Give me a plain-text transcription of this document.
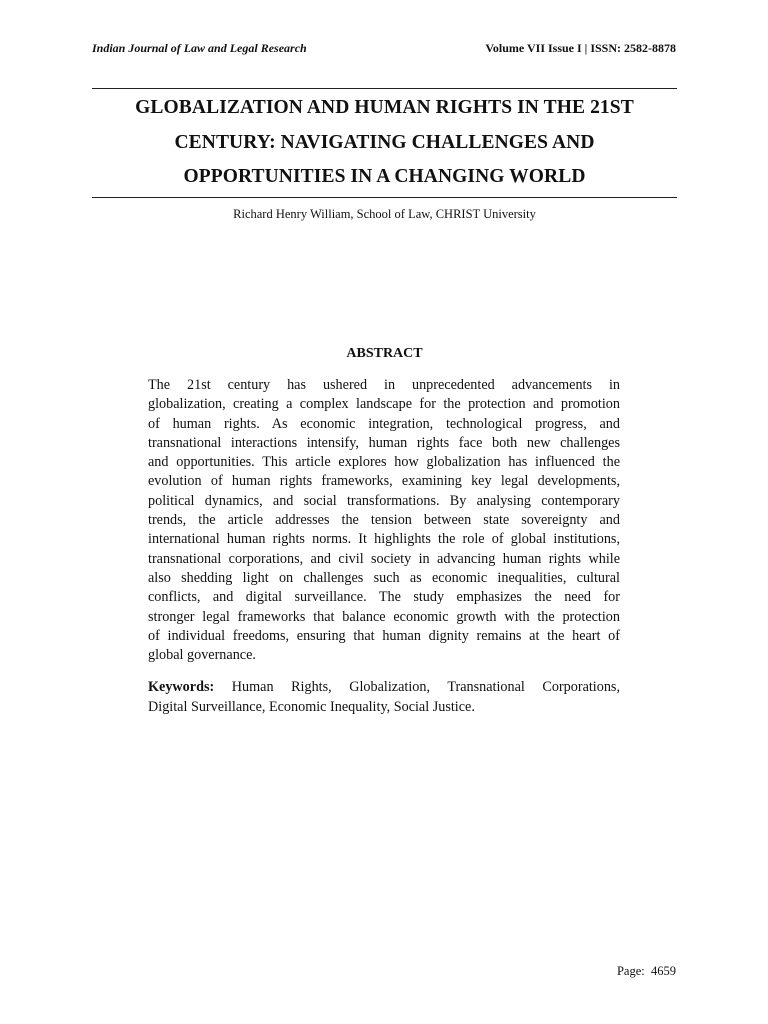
Indian Journal of Law and Legal Research	Volume VII Issue I | ISSN: 2582-8878
GLOBALIZATION AND HUMAN RIGHTS IN THE 21ST
CENTURY: NAVIGATING CHALLENGES AND
OPPORTUNITIES IN A CHANGING WORLD
Richard Henry William, School of Law, CHRIST University
ABSTRACT

The 21st century has ushered in unprecedented advancements in
globalization, creating a complex landscape for the protection and promotion
of human rights. As economic integration, technological progress, and
transnational interactions intensify, human rights face both new challenges
and opportunities. This article explores how globalization has influenced the
evolution of human rights frameworks, examining key legal developments,
political dynamics, and social transformations. By analysing contemporary
trends, the article addresses the tension between state sovereignty and
international human rights norms. It highlights the role of global institutions,
transnational corporations, and civil society in advancing human rights while
also shedding light on challenges such as economic inequalities, cultural
conflicts, and digital surveillance. The study emphasizes the need for
stronger legal frameworks that balance economic growth with the protection
of individual freedoms, ensuring that human dignity remains at the heart of
global governance.

Keywords: Human Rights, Globalization, Transnational Corporations,
Digital Surveillance, Economic Inequality, Social Justice.

Page: 4659
